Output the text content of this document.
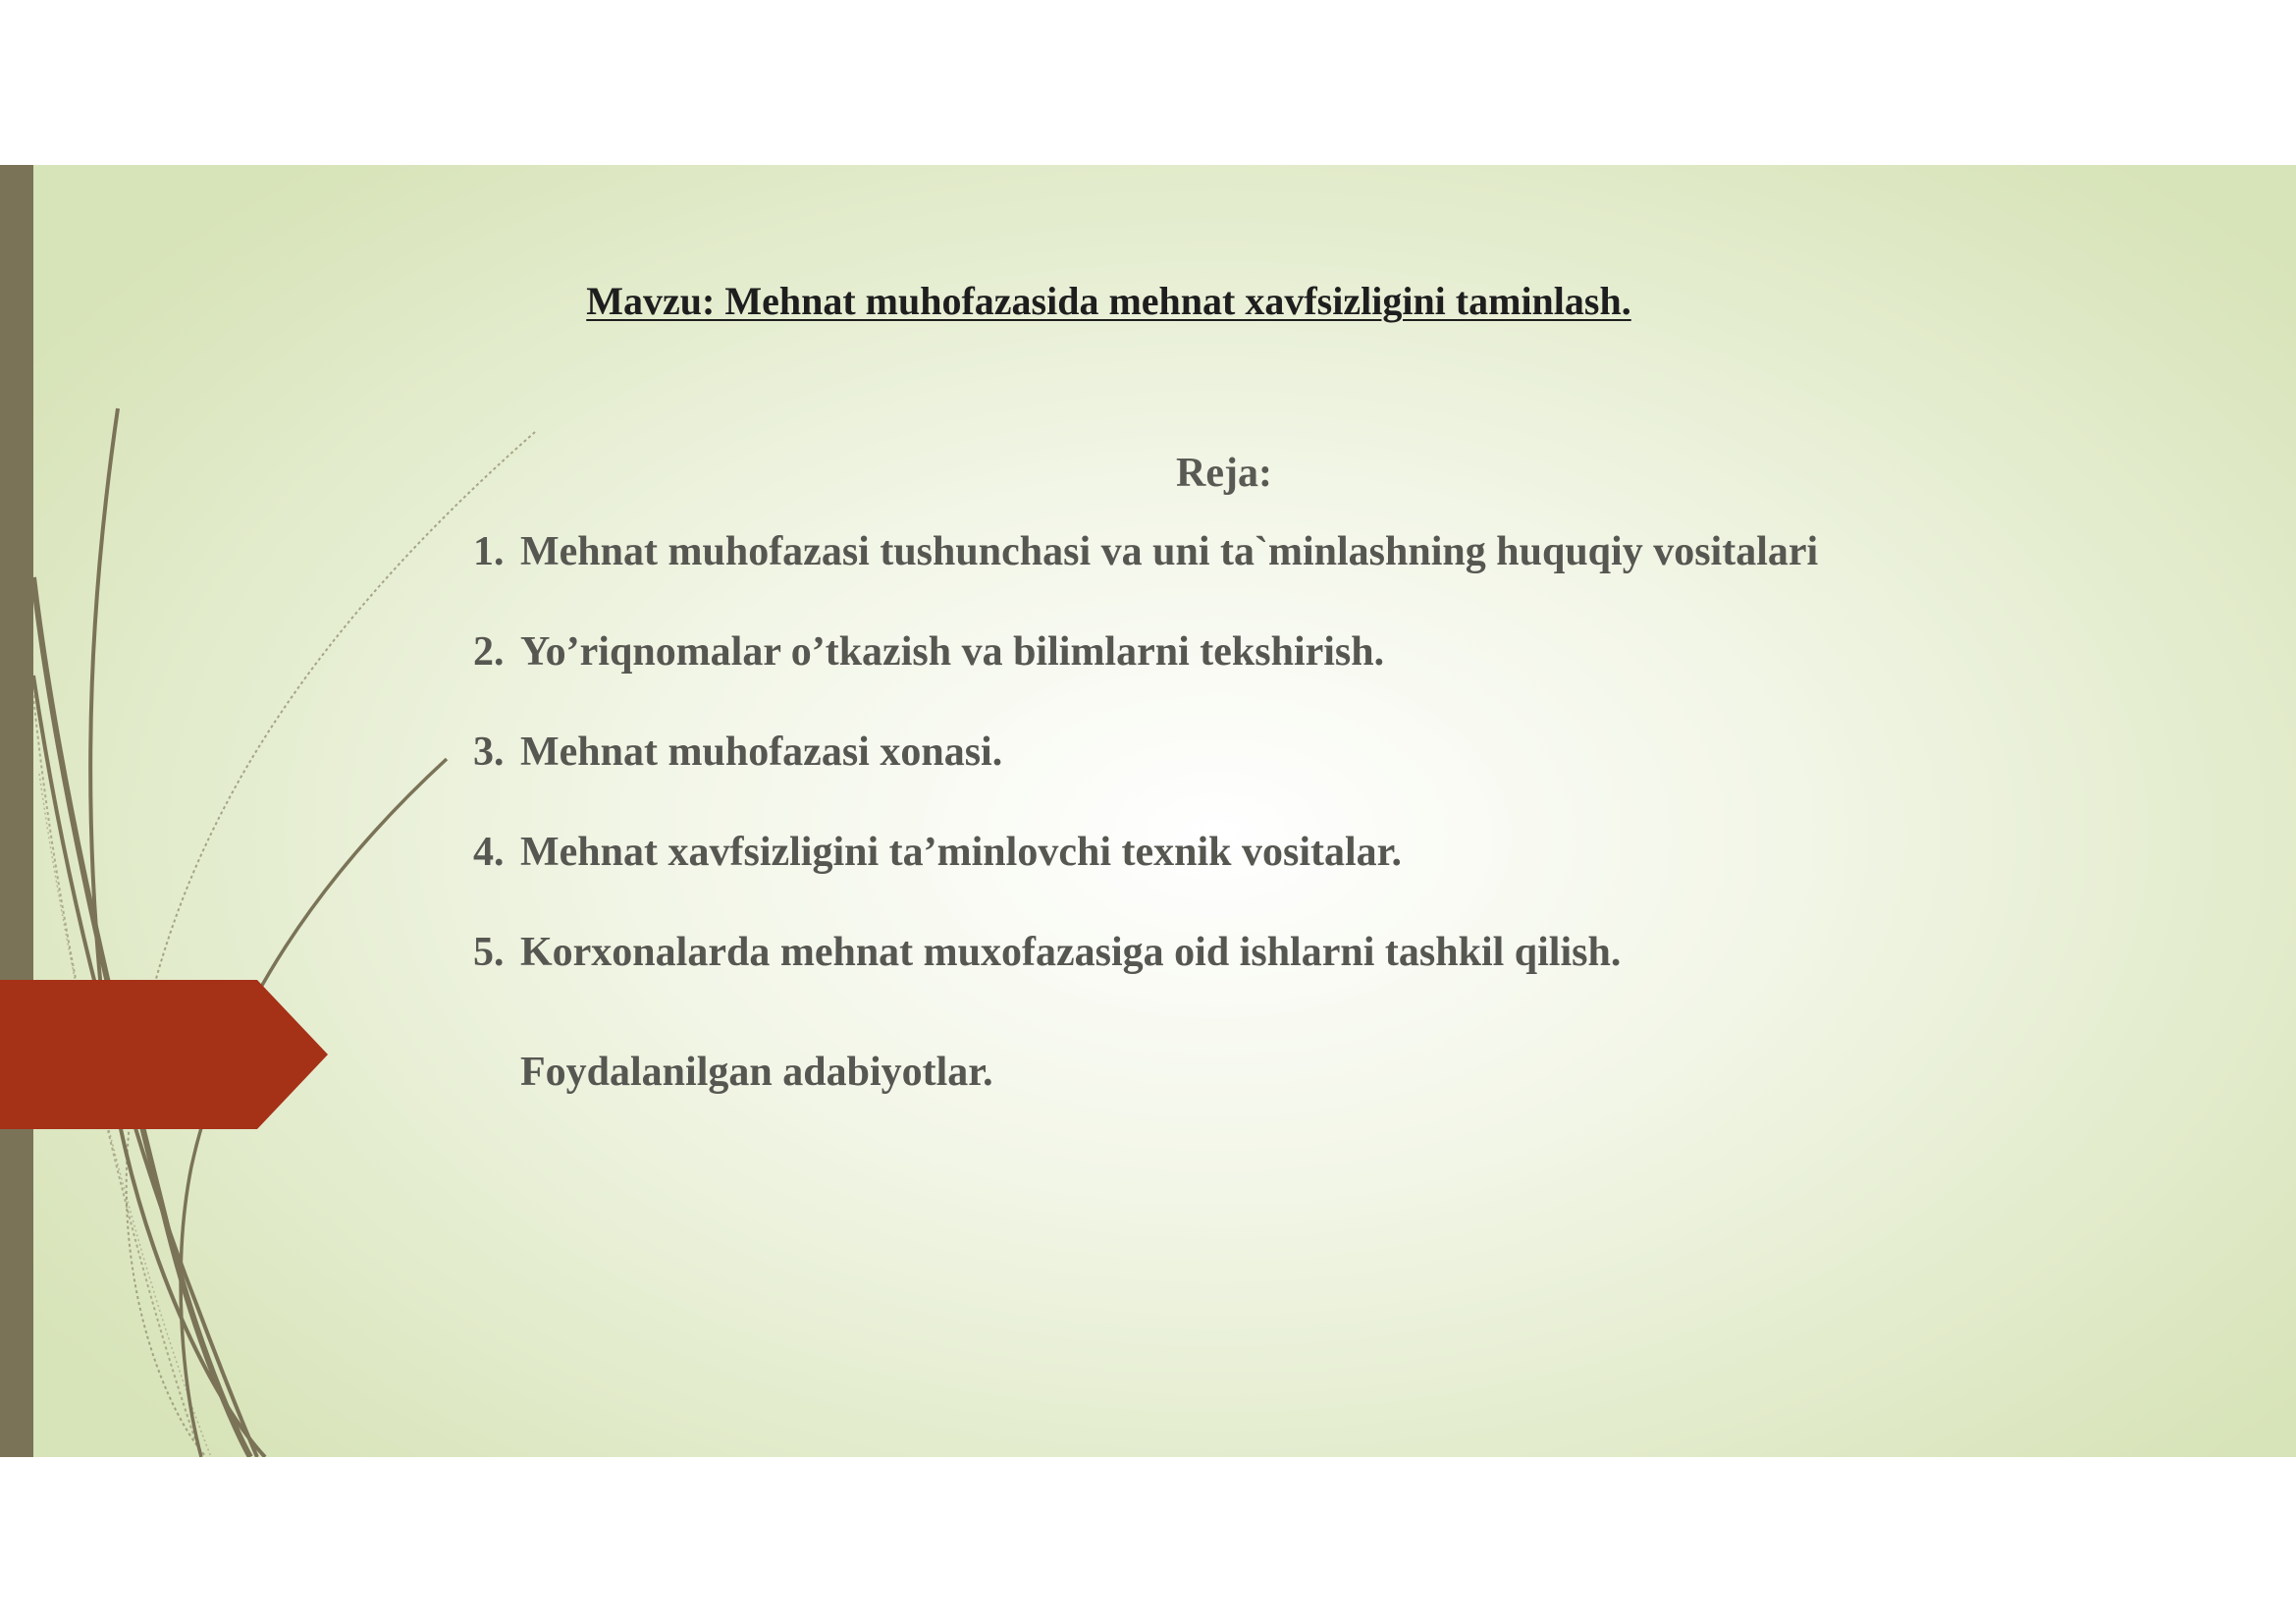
Mavzu: Mehnat muhofazasida mehnat xavfsizligini taminlash.
Reja:
1. Mehnat muhofazasi tushunchasi va uni ta`minlashning huquqiy vositalari
2. Yo’riqnomalar o’tkazish va bilimlarni tekshirish.
3. Mehnat muhofazasi xonasi.
4. Mehnat xavfsizligini ta’minlovchi texnik vositalar.
5. Korxonalarda mehnat muxofazasiga oid ishlarni tashkil qilish.
Foydalanilgan adabiyotlar.
